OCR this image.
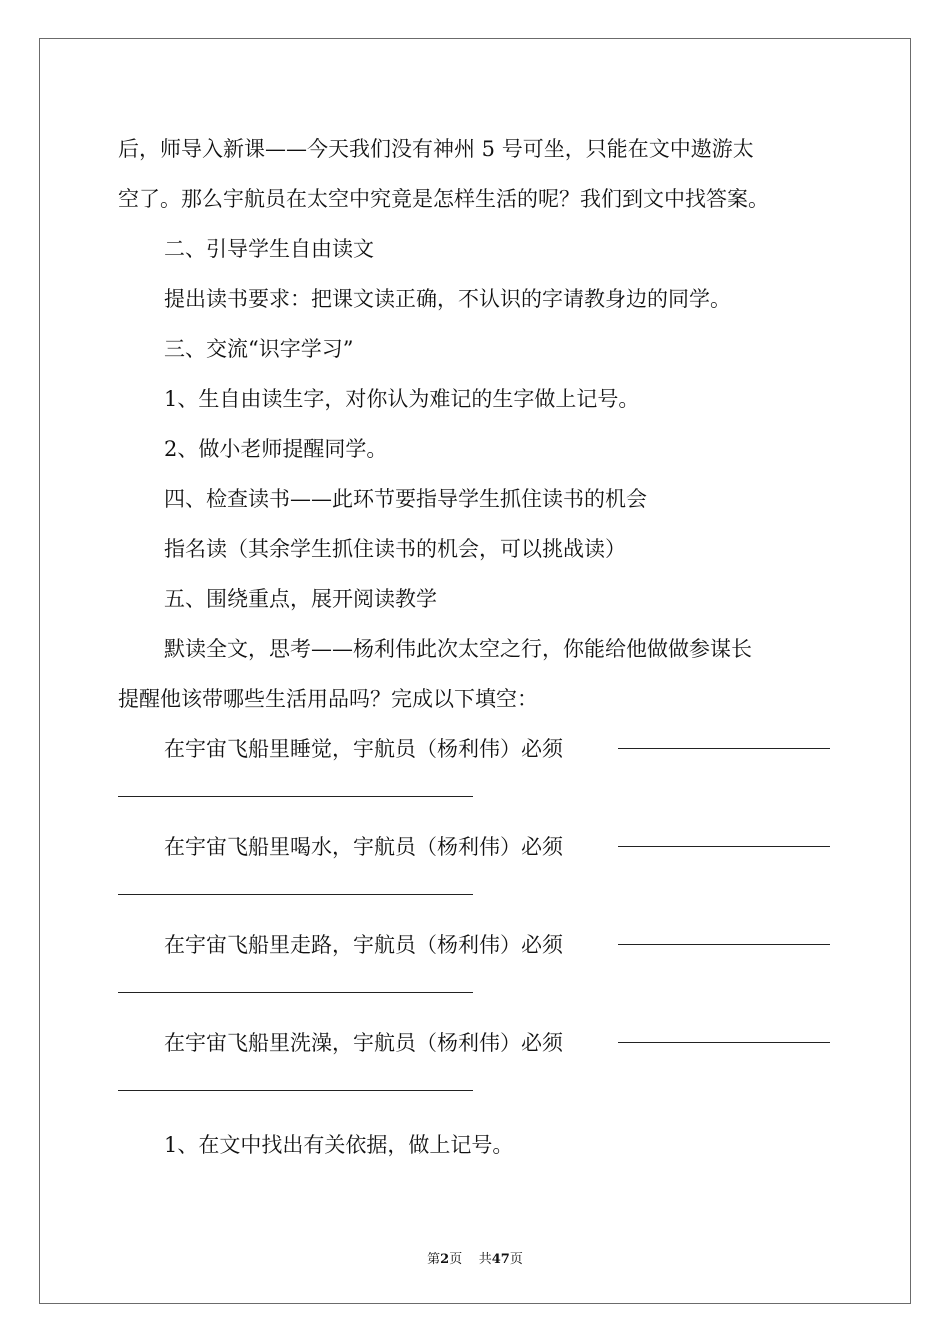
后，师导入新课——今天我们没有神州 5 号可坐，只能在文中遨游太
空了。那么宇航员在太空中究竟是怎样生活的呢？我们到文中找答案。
二、引导学生自由读文
提出读书要求：把课文读正确，不认识的字请教身边的同学。
三、交流“识字学习”
1、生自由读生字，对你认为难记的生字做上记号。
2、做小老师提醒同学。
四、检查读书——此环节要指导学生抓住读书的机会
指名读（其余学生抓住读书的机会，可以挑战读）
五、围绕重点，展开阅读教学
默读全文，思考——杨利伟此次太空之行，你能给他做做参谋长
提醒他该带哪些生活用品吗？完成以下填空：
在宇宙飞船里睡觉，宇航员（杨利伟）必须
在宇宙飞船里喝水，宇航员（杨利伟）必须
在宇宙飞船里走路，宇航员（杨利伟）必须
在宇宙飞船里洗澡，宇航员（杨利伟）必须
1、在文中找出有关依据，做上记号。
第2页 共47页
